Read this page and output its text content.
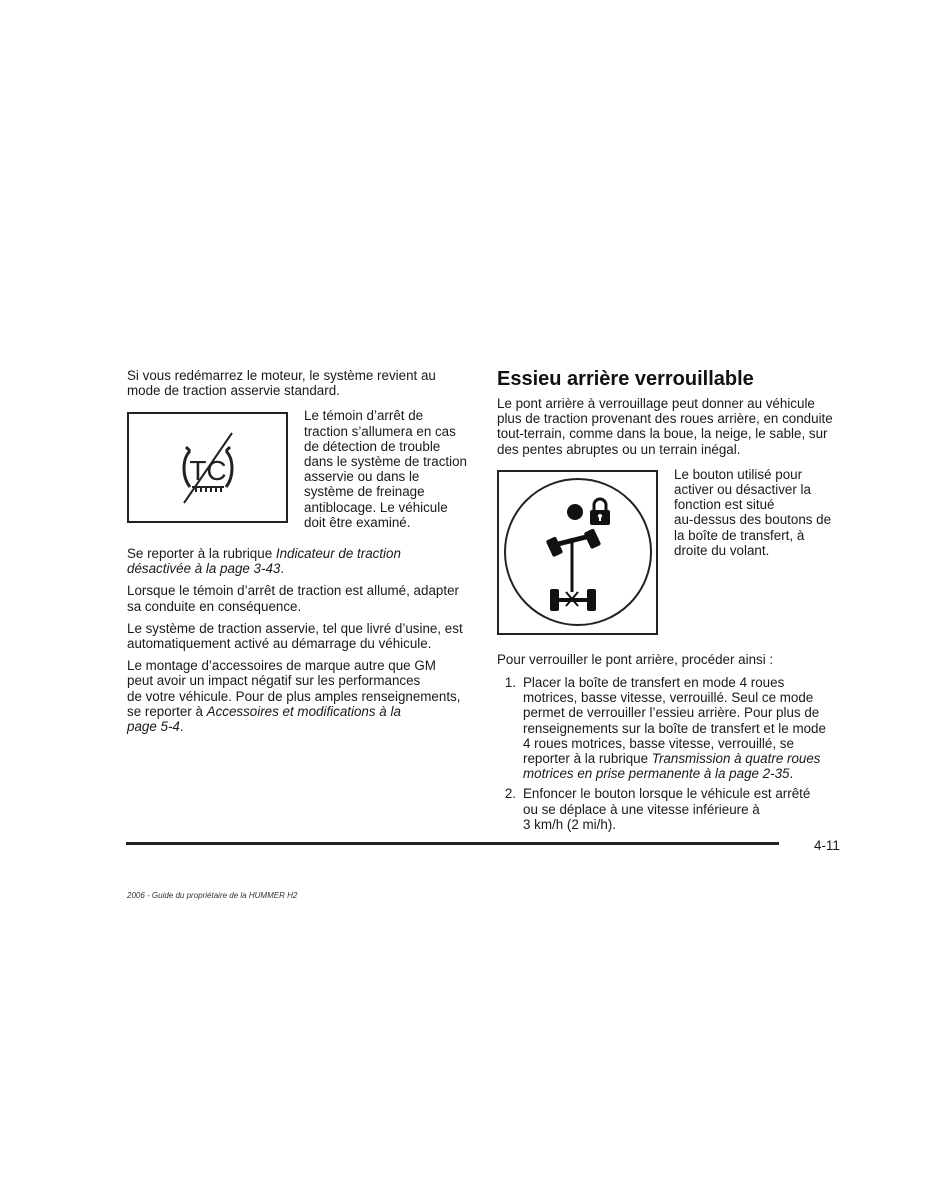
Si vous redémarrez le moteur, le système revient au mode de traction asservie standard.

TC

Le témoin d’arrêt de

traction s’allumera en cas

de détection de trouble

dans le système de traction

asservie ou dans le

système de freinage

antiblocage. Le véhicule

doit être examiné.

Se reporter à la rubrique Indicateur de traction
désactivée à la page 3-43.

Lorsque le témoin d’arrêt de traction est allumé, adapter sa conduite en conséquence.

Le système de traction asservie, tel que livré d’usine, est automatiquement activé au démarrage du véhicule.

Le montage d’accessoires de marque autre que GM
peut avoir un impact négatif sur les performances
de votre véhicule. Pour de plus amples renseignements,
se reporter à Accessoires et modifications à la
page 5-4.

Essieu arrière verrouillable

Le pont arrière à verrouillage peut donner au véhicule
plus de traction provenant des roues arrière, en conduite
tout-terrain, comme dans la boue, la neige, le sable, sur
des pentes abruptes ou un terrain inégal.

Le bouton utilisé pour

activer ou désactiver la

fonction est situé

au-dessus des boutons de

la boîte de transfert, à

droite du volant.

Pour verrouiller le pont arrière, procéder ainsi :

1. Placer la boîte de transfert en mode 4 roues
motrices, basse vitesse, verrouillé. Seul ce mode
permet de verrouiller l’essieu arrière. Pour plus de
renseignements sur la boîte de transfert et le mode
4 roues motrices, basse vitesse, verrouillé, se
reporter à la rubrique Transmission à quatre roues
motrices en prise permanente à la page 2-35.
2. Enfoncer le bouton lorsque le véhicule est arrêté
ou se déplace à une vitesse inférieure à
3 km/h (2 mi/h).
4-11
2006 - Guide du propriétaire de la HUMMER H2
